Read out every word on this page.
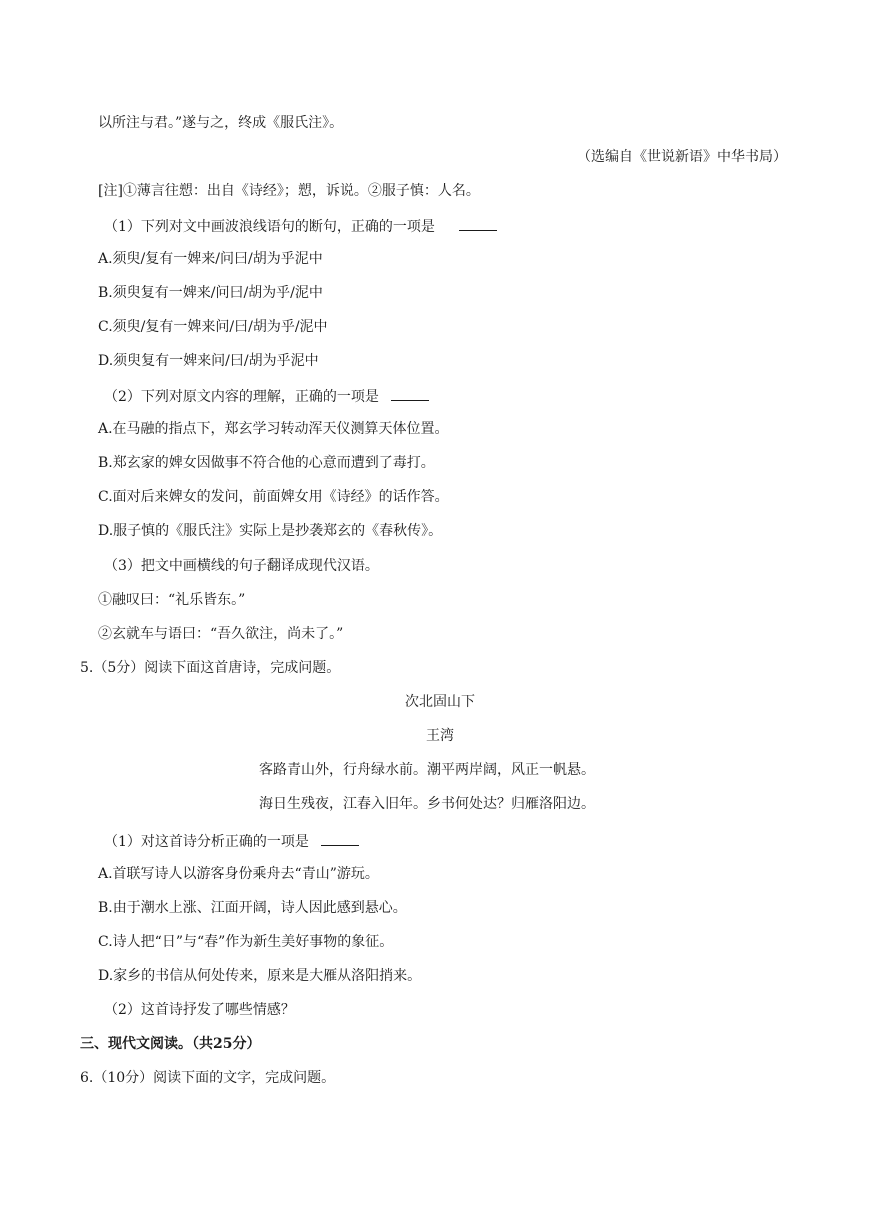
以所注与君。”遂与之，终成《服氏注》。
（选编自《世说新语》中华书局）
[注]①薄言往愬：出自《诗经》；愬，诉说。②服子慎：人名。
（1）下列对文中画波浪线语句的断句，正确的一项是
A.须臾/复有一婢来/问曰/胡为乎泥中
B.须臾复有一婢来/问曰/胡为乎/泥中
C.须臾/复有一婢来问/曰/胡为乎/泥中
D.须臾复有一婢来问/曰/胡为乎泥中
（2）下列对原文内容的理解，正确的一项是
A.在马融的指点下，郑玄学习转动浑天仪测算天体位置。
B.郑玄家的婢女因做事不符合他的心意而遭到了毒打。
C.面对后来婢女的发问，前面婢女用《诗经》的话作答。
D.服子慎的《服氏注》实际上是抄袭郑玄的《春秋传》。
（3）把文中画横线的句子翻译成现代汉语。
①融叹曰：“礼乐皆东。”
②玄就车与语曰：“吾久欲注，尚未了。”
5.（5分）阅读下面这首唐诗，完成问题。
次北固山下
王湾
客路青山外，行舟绿水前。潮平两岸阔，风正一帆悬。
海日生残夜，江春入旧年。乡书何处达？归雁洛阳边。
（1）对这首诗分析正确的一项是
A.首联写诗人以游客身份乘舟去“青山”游玩。
B.由于潮水上涨、江面开阔，诗人因此感到悬心。
C.诗人把“日”与“春”作为新生美好事物的象征。
D.家乡的书信从何处传来，原来是大雁从洛阳捎来。
（2）这首诗抒发了哪些情感？
三、现代文阅读。（共25分）
6.（10分）阅读下面的文字，完成问题。
